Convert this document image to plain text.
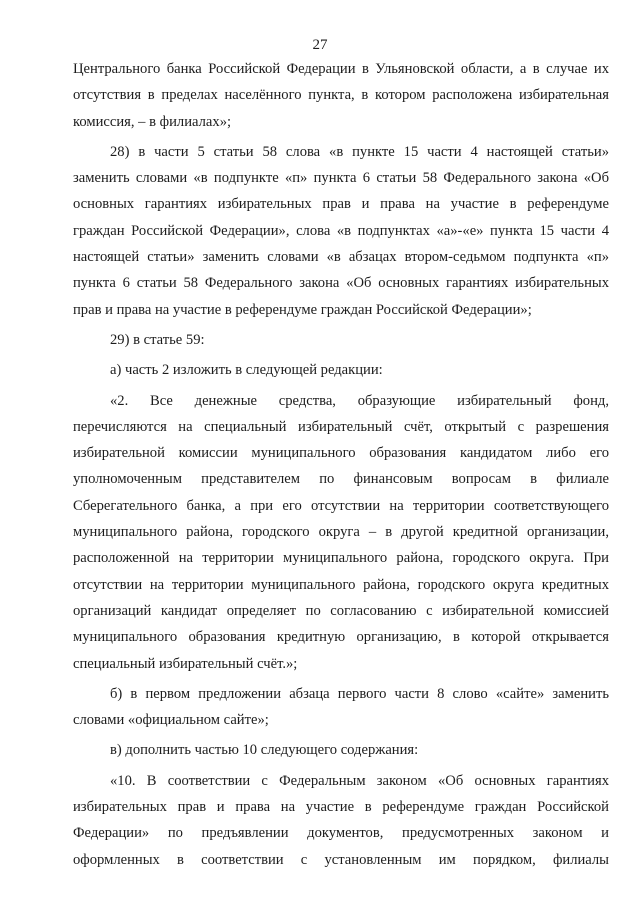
27
Центрального банка Российской Федерации в Ульяновской области, а в случае их
отсутствия в пределах населённого пункта, в котором расположена избирательная
комиссия, – в филиалах»;
28) в части 5 статьи 58 слова «в пункте 15 части 4 настоящей статьи»
заменить словами «в подпункте «п» пункта 6 статьи 58 Федерального закона «Об
основных гарантиях избирательных прав и права на участие в референдуме
граждан Российской Федерации», слова «в подпунктах «а»-«е» пункта 15 части 4
настоящей статьи» заменить словами «в абзацах втором-седьмом подпункта «п»
пункта 6 статьи 58 Федерального закона «Об основных гарантиях избирательных
прав и права на участие в референдуме граждан Российской Федерации»;
29) в статье 59:
а) часть 2 изложить в следующей редакции:
«2. Все денежные средства, образующие избирательный фонд,
перечисляются на специальный избирательный счёт, открытый с разрешения
избирательной комиссии муниципального образования кандидатом либо его
уполномоченным представителем по финансовым вопросам в филиале
Сберегательного банка, а при его отсутствии на территории соответствующего
муниципального района, городского округа – в другой кредитной организации,
расположенной на территории муниципального района, городского округа. При
отсутствии на территории муниципального района, городского округа кредитных
организаций кандидат определяет по согласованию с избирательной комиссией
муниципального образования кредитную организацию, в которой открывается
специальный избирательный счёт.»;
б) в первом предложении абзаца первого части 8 слово «сайте» заменить
словами «официальном сайте»;
в) дополнить частью 10 следующего содержания:
«10. В соответствии с Федеральным законом «Об основных гарантиях
избирательных прав и права на участие в референдуме граждан Российской
Федерации» по предъявлении документов, предусмотренных законом и
оформленных в соответствии с установленным им порядком, филиалы
